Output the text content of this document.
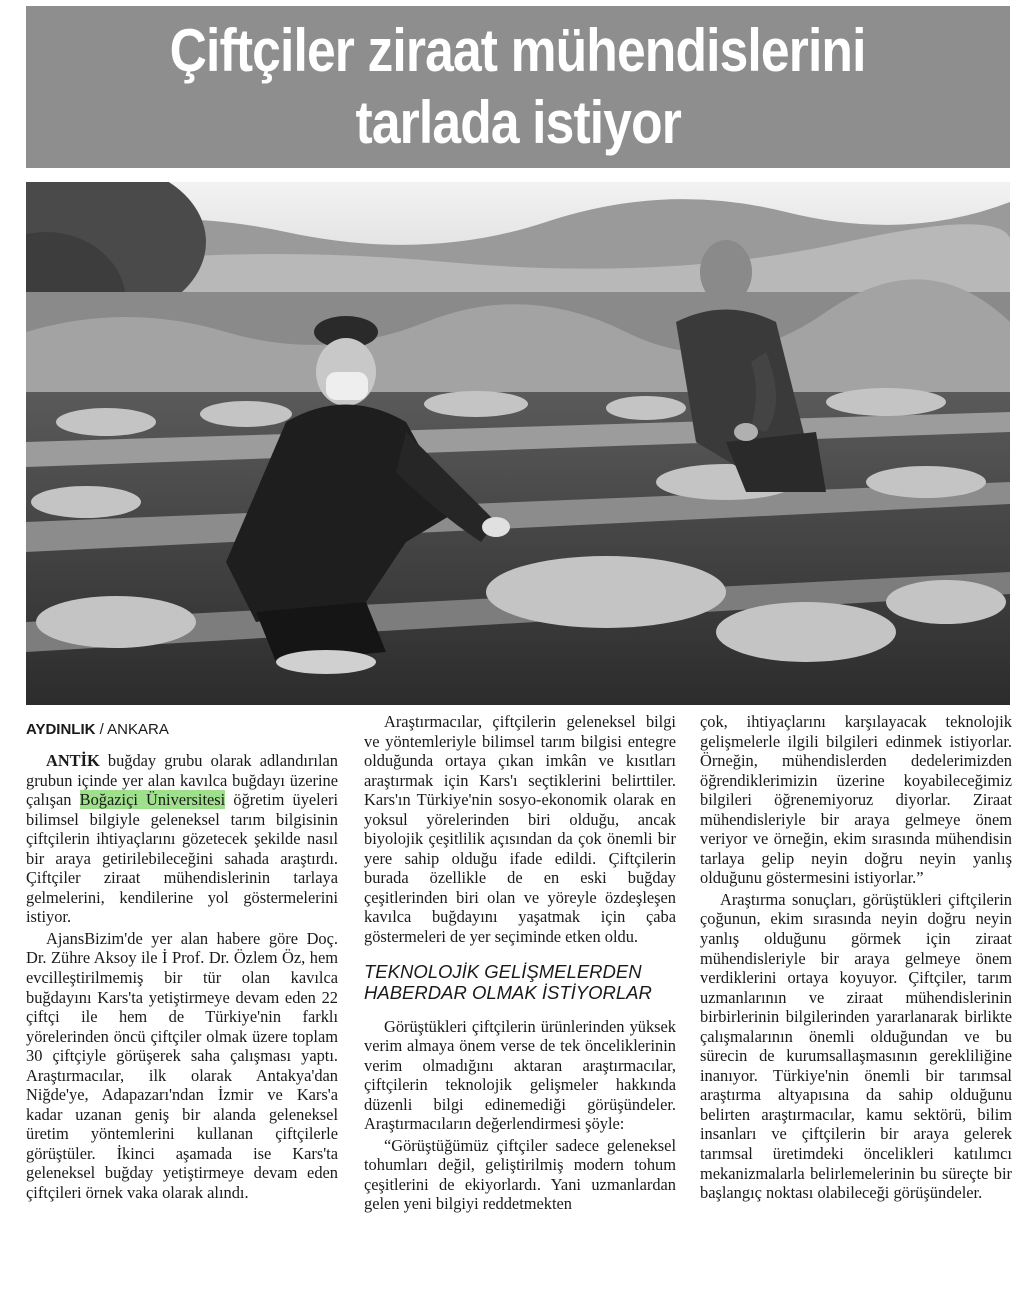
Çiftçiler ziraat mühendislerini
tarlada istiyor
AYDINLIK / ANKARA

ANTİK buğday grubu olarak adlandırılan grubun içinde yer alan kavılca buğdayı üzerine çalışan Boğaziçi Üniversitesi öğretim üyeleri bilimsel bilgiyle geleneksel tarım bilgisinin çiftçilerin ihtiyaçlarını gözetecek şekilde nasıl bir araya getirilebileceğini sahada araştırdı. Çiftçiler ziraat mühendislerinin tarlaya gelmelerini, kendilerine yol göstermelerini istiyor.

AjansBizim'de yer alan habere göre Doç. Dr. Zühre Aksoy ile İ Prof. Dr. Özlem Öz, hem evcilleştirilmemiş bir tür olan kavılca buğdayını Kars'ta yetiştirmeye devam eden 22 çiftçi ile hem de Türkiye'nin farklı yörelerinden öncü çiftçiler olmak üzere toplam 30 çiftçiyle görüşerek saha çalışması yaptı. Araştırmacılar, ilk olarak Antakya'dan Niğde'ye, Adapazarı'ndan İzmir ve Kars'a kadar uzanan geniş bir alanda geleneksel üretim yöntemlerini kullanan çiftçilerle görüştüler. İkinci aşamada ise Kars'ta geleneksel buğday yetiştirmeye devam eden çiftçileri örnek vaka olarak alındı.

Araştırmacılar, çiftçilerin geleneksel bilgi ve yöntemleriyle bilimsel tarım bilgisi entegre olduğunda ortaya çıkan imkân ve kısıtları araştırmak için Kars'ı seçtiklerini belirttiler. Kars'ın Türkiye'nin sosyo-ekonomik olarak en yoksul yörelerinden biri olduğu, ancak biyolojik çeşitlilik açısından da çok önemli bir yere sahip olduğu ifade edildi. Çiftçilerin burada özellikle de en eski buğday çeşitlerinden biri olan ve yöreyle özdeşleşen kavılca buğdayını yaşatmak için çaba göstermeleri de yer seçiminde etken oldu.

TEKNOLOJİK GELİŞMELERDEN HABERDAR OLMAK İSTİYORLAR

Görüştükleri çiftçilerin ürünlerinden yüksek verim almaya önem verse de tek önceliklerinin verim olmadığını aktaran araştırmacılar, çiftçilerin teknolojik gelişmeler hakkında düzenli bilgi edinemediği görüşündeler. Araştırmacıların değerlendirmesi şöyle:

“Görüştüğümüz çiftçiler sadece geleneksel tohumları değil, geliştirilmiş modern tohum çeşitlerini de ekiyorlardı. Yani uzmanlardan gelen yeni bilgiyi reddetmekten

çok, ihtiyaçlarını karşılayacak teknolojik gelişmelerle ilgili bilgileri edinmek istiyorlar. Örneğin, mühendislerden dedelerimizden öğrendiklerimizin üzerine koyabileceğimiz bilgileri öğrenemiyoruz diyorlar. Ziraat mühendisleriyle bir araya gelmeye önem veriyor ve örneğin, ekim sırasında mühendisin tarlaya gelip neyin doğru neyin yanlış olduğunu göstermesini istiyorlar.”

Araştırma sonuçları, görüştükleri çiftçilerin çoğunun, ekim sırasında neyin doğru neyin yanlış olduğunu görmek için ziraat mühendisleriyle bir araya gelmeye önem verdiklerini ortaya koyuyor. Çiftçiler, tarım uzmanlarının ve ziraat mühendislerinin birbirlerinin bilgilerinden yararlanarak birlikte çalışmalarının önemli olduğundan ve bu sürecin de kurumsallaşmasının gerekliliğine inanıyor. Türkiye'nin önemli bir tarımsal araştırma altyapısına da sahip olduğunu belirten araştırmacılar, kamu sektörü, bilim insanları ve çiftçilerin bir araya gelerek tarımsal üretimdeki öncelikleri katılımcı mekanizmalarla belirlemelerinin bu süreçte bir başlangıç noktası olabileceği görüşündeler.
